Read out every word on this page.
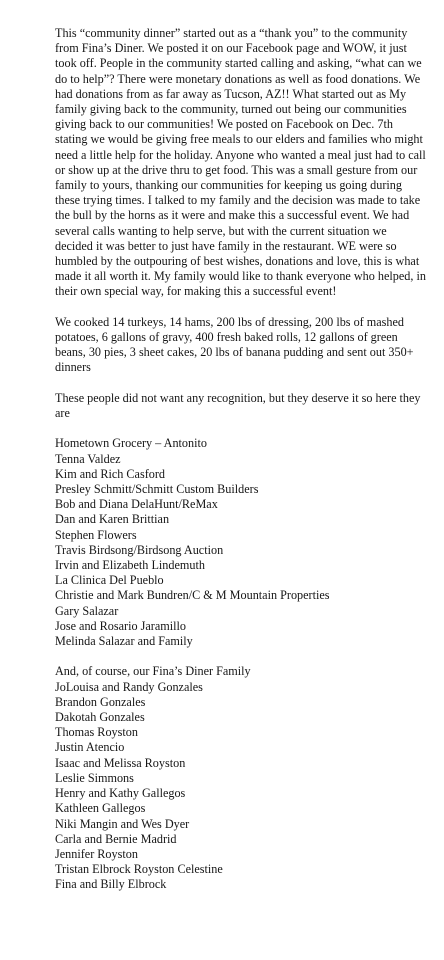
This “community dinner” started out as a “thank you” to the community from Fina’s Diner. We posted it on our Facebook page and WOW, it just took off. People in the community started calling and asking, “what can we do to help”? There were monetary donations as well as food donations. We had donations from as far away as Tucson, AZ!! What started out as My family giving back to the community, turned out being our communities giving back to our communities! We posted on Facebook on Dec. 7th stating we would be giving free meals to our elders and families who might need a little help for the holiday. Anyone who wanted a meal just had to call or show up at the drive thru to get food. This was a small gesture from our family to yours, thanking our communities for keeping us going during these trying times. I talked to my family and the decision was made to take the bull by the horns as it were and make this a successful event. We had several calls wanting to help serve, but with the current situation we decided it was better to just have family in the restaurant. WE were so humbled by the outpouring of best wishes, donations and love, this is what made it all worth it. My family would like to thank everyone who helped, in their own special way, for making this a successful event!

We cooked 14 turkeys, 14 hams, 200 lbs of dressing, 200 lbs of mashed potatoes, 6 gallons of gravy, 400 fresh baked rolls, 12 gallons of green beans, 30 pies, 3 sheet cakes, 20 lbs of banana pudding and sent out 350+ dinners

These people did not want any recognition, but they deserve it so here they are

Hometown Grocery – Antonito
Tenna Valdez
Kim and Rich Casford
Presley Schmitt/Schmitt Custom Builders
Bob and Diana DelaHunt/ReMax
Dan and Karen Brittian
Stephen Flowers
Travis Birdsong/Birdsong Auction
Irvin and Elizabeth Lindemuth
La Clinica Del Pueblo
Christie and Mark Bundren/C & M Mountain Properties
Gary Salazar
Jose and Rosario Jaramillo
Melinda Salazar and Family

And, of course, our Fina’s Diner Family

JoLouisa and Randy Gonzales
Brandon Gonzales
Dakotah Gonzales
Thomas Royston
Justin Atencio
Isaac and Melissa Royston
Leslie Simmons
Henry and Kathy Gallegos
Kathleen Gallegos
Niki Mangin and Wes Dyer
Carla and Bernie Madrid
Jennifer Royston
Tristan Elbrock Royston Celestine
Fina and Billy Elbrock
